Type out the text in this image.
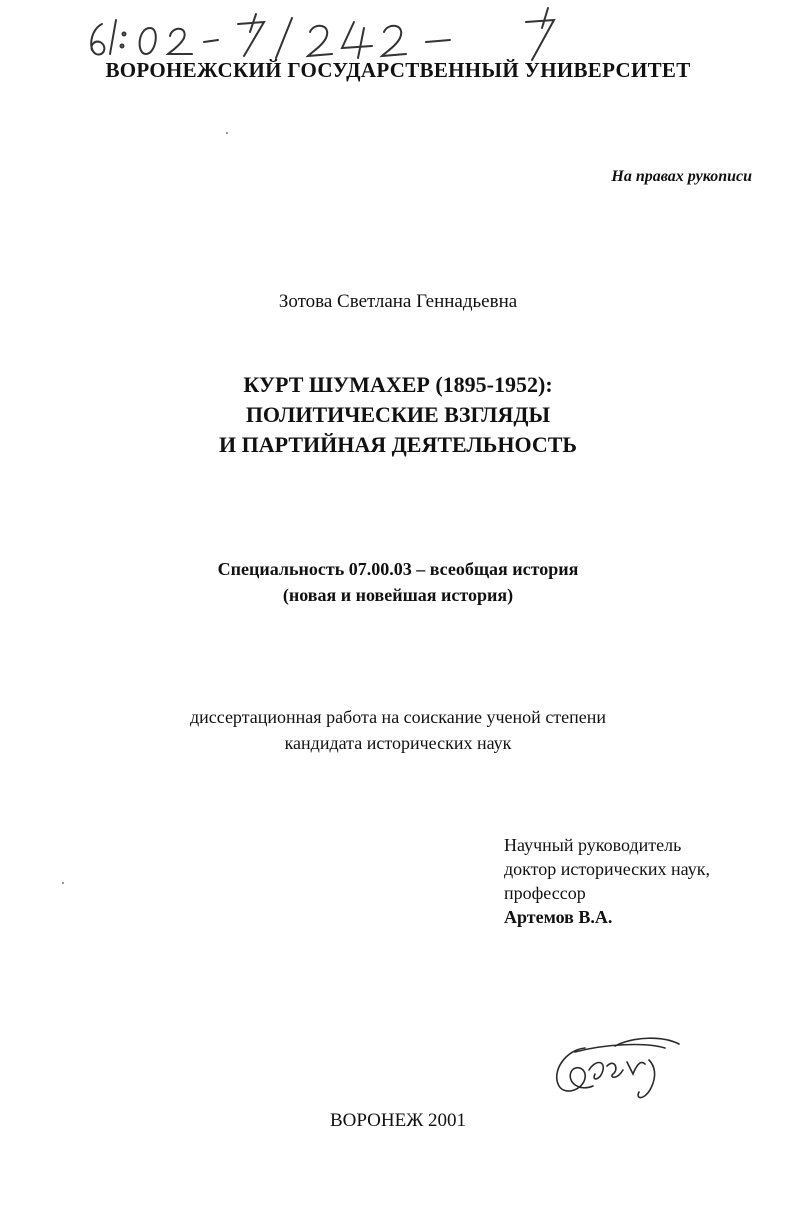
ВОРОНЕЖСКИЙ ГОСУДАРСТВЕННЫЙ УНИВЕРСИТЕТ
На правах рукописи
Зотова Светлана Геннадьевна
КУРТ ШУМАХЕР (1895-1952):
ПОЛИТИЧЕСКИЕ ВЗГЛЯДЫ
И ПАРТИЙНАЯ ДЕЯТЕЛЬНОСТЬ
Специальность 07.00.03 – всеобщая история
(новая и новейшая история)
диссертационная работа на соискание ученой степени
кандидата исторических наук
Научный руководитель
доктор исторических наук,
профессор
Артемов В.А.
ВОРОНЕЖ 2001
